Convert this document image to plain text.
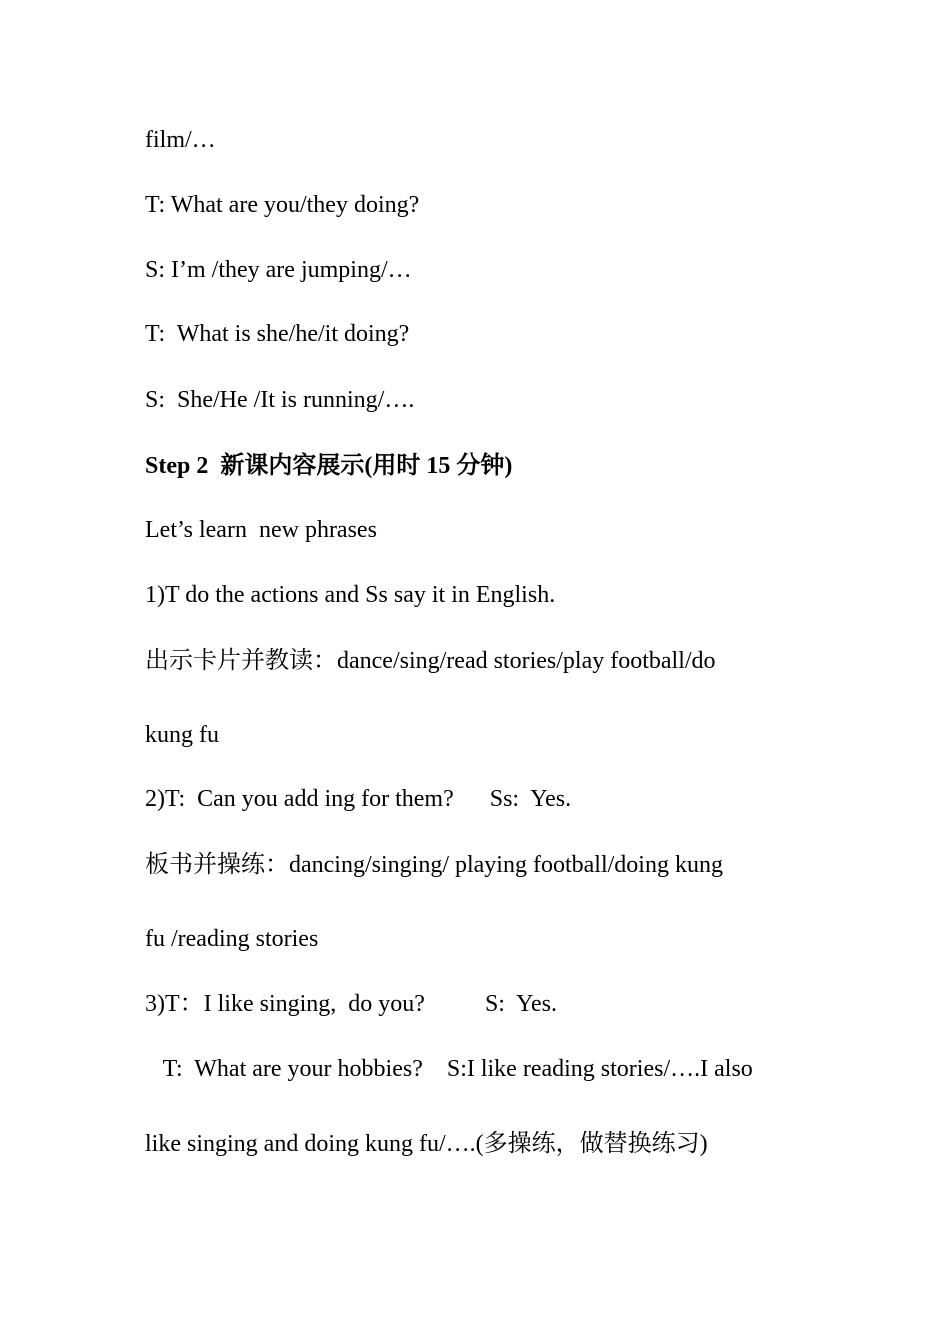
film/…
T: What are you/they doing?
S: I’m /they are jumping/…
T:  What is she/he/it doing?
S:  She/He /It is running/….
Step 2  新课内容展示(用时 15 分钟)
Let’s learn  new phrases
1)T do the actions and Ss say it in English.
出示卡片并教读：dance/sing/read stories/play football/do
kung fu
2)T:  Can you add ing for them?      Ss:  Yes.
板书并操练：dancing/singing/ playing football/doing kung
fu /reading stories
3)T：I like singing,  do you?          S:  Yes.
T:  What are your hobbies?    S:I like reading stories/….I also
like singing and doing kung fu/….(多操练，做替换练习)
